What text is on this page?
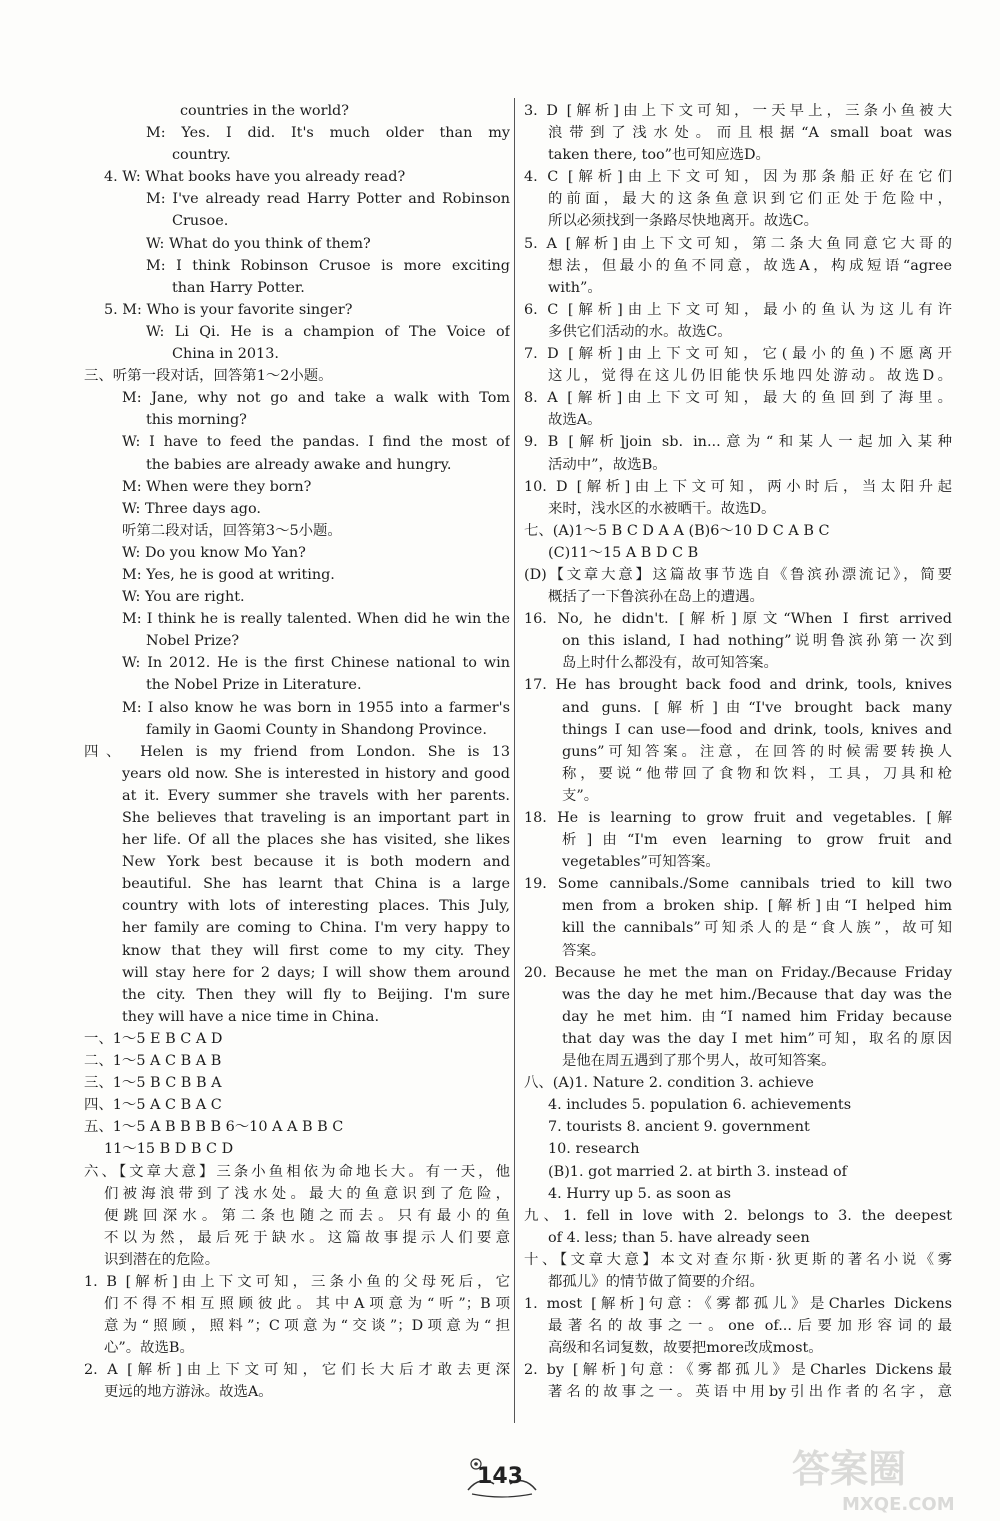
countries in the world?
M: Yes. I did. It's much older than my
country.
4. W: What books have you already read?
M: I've already read Harry Potter and Robinson
Crusoe.
W: What do you think of them?
M: I think Robinson Crusoe is more exciting
than Harry Potter.
5. M: Who is your favorite singer?
W: Li Qi. He is a champion of The Voice of
China in 2013.
三、听第一段对话，回答第1～2小题。
M: Jane, why not go and take a walk with Tom
this morning?
W: I have to feed the pandas. I find the most of
the babies are already awake and hungry.
M: When were they born?
W: Three days ago.
听第二段对话，回答第3～5小题。
W: Do you know Mo Yan?
M: Yes, he is good at writing.
W: You are right.
M: I think he is really talented. When did he win the
Nobel Prize?
W: In 2012. He is the first Chinese national to win
the Nobel Prize in Literature.
M: I also know he was born in 1955 into a farmer's
family in Gaomi County in Shandong Province.
四、 Helen is my friend from London. She is 13
years old now. She is interested in history and good
at it. Every summer she travels with her parents.
She believes that traveling is an important part in
her life. Of all the places she has visited, she likes
New York best because it is both modern and
beautiful. She has learnt that China is a large
country with lots of interesting places. This July,
her family are coming to China. I'm very happy to
know that they will first come to my city. They
will stay here for 2 days; I will show them around
the city. Then they will fly to Beijing. I'm sure
they will have a nice time in China.
一、1～5 E B C A D
二、1～5 A C B A B
三、1～5 B C B B A
四、1～5 A C B A C
五、1～5 A B B B B 6～10 A A B B C
11～15 B D B C D
六、【文章大意】三条小鱼相依为命地长大。有一天，他
们被海浪带到了浅水处。最大的鱼意识到了危险，
便跳回深水。第二条也随之而去。只有最小的鱼
不以为然，最后死于缺水。这篇故事提示人们要意
识到潜在的危险。
1. B [解析]由上下文可知，三条小鱼的父母死后，它
们不得不相互照顾彼此。其中A项意为“听”；B项
意为“照顾，照料”；C项意为“交谈”；D项意为“担
心”。故选B。
2. A [解析]由上下文可知，它们长大后才敢去更深
更远的地方游泳。故选A。
3. D [解析]由上下文可知，一天早上，三条小鱼被大
浪带到了浅水处。而且根据“A small boat was
taken there, too”也可知应选D。
4. C [解析]由上下文可知，因为那条船正好在它们
的前面，最大的这条鱼意识到它们正处于危险中，
所以必须找到一条路尽快地离开。故选C。
5. A [解析]由上下文可知，第二条大鱼同意它大哥的
想法，但最小的鱼不同意，故选A，构成短语“agree
with”。
6. C [解析]由上下文可知，最小的鱼认为这儿有许
多供它们活动的水。故选C。
7. D [解析]由上下文可知，它(最小的鱼)不愿离开
这儿，觉得在这儿仍旧能快乐地四处游动。故选D。
8. A [解析]由上下文可知，最大的鱼回到了海里。
故选A。
9. B [解析]join sb. in...意为“和某人一起加入某种
活动中”，故选B。
10. D [解析]由上下文可知，两小时后，当太阳升起
来时，浅水区的水被晒干。故选D。
七、(A)1～5 B C D A A (B)6～10 D C A B C
(C)11～15 A B D C B
(D)【文章大意】这篇故事节选自《鲁滨孙漂流记》，简要
概括了一下鲁滨孙在岛上的遭遇。
16. No, he didn't. [解析]原文“When I first arrived
on this island, I had nothing”说明鲁滨孙第一次到
岛上时什么都没有，故可知答案。
17. He has brought back food and drink, tools, knives
and guns. [解析]由“I've brought back many
things I can use—food and drink, tools, knives and
guns”可知答案。注意，在回答的时候需要转换人
称，要说“他带回了食物和饮料，工具，刀具和枪
支”。
18. He is learning to grow fruit and vegetables. [解
析]由“I'm even learning to grow fruit and
vegetables”可知答案。
19. Some cannibals./Some cannibals tried to kill two
men from a broken ship. [解析]由“I helped him
kill the cannibals”可知杀人的是“食人族”，故可知
答案。
20. Because he met the man on Friday./Because Friday
was the day he met him./Because that day was the
day he met him. 由“I named him Friday because
that day was the day I met him”可知，取名的原因
是他在周五遇到了那个男人，故可知答案。
八、(A)1. Nature 2. condition 3. achieve
4. includes 5. population 6. achievements
7. tourists 8. ancient 9. government
10. research
(B)1. got married 2. at birth 3. instead of
4. Hurry up 5. as soon as
九、1. fell in love with 2. belongs to 3. the deepest
of 4. less; than 5. have already seen
十、【文章大意】本文对查尔斯·狄更斯的著名小说《雾
都孤儿》的情节做了简要的介绍。
1. most [解析]句意：《雾都孤儿》是Charles Dickens
最著名的故事之一。one of...后要加形容词的最
高级和名词复数，故要把more改成most。
2. by [解析]句意：《雾都孤儿》是Charles Dickens最
著名的故事之一。英语中用by引出作者的名字，意
143	答案圈
MXQE.COM
